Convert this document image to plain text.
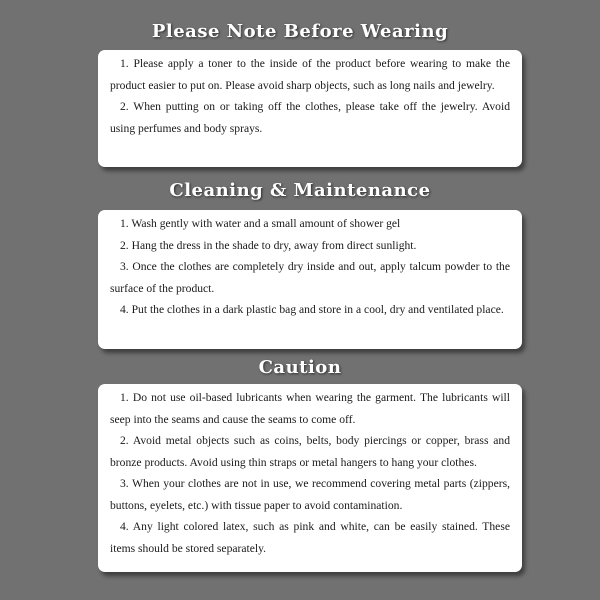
Please Note Before Wearing

1. Please apply a toner to the inside of the product before wearing to make the product easier to put on. Please avoid sharp objects, such as long nails and jewelry.

2. When putting on or taking off the clothes, please take off the jewelry. Avoid using perfumes and body sprays.

Cleaning & Maintenance

1. Wash gently with water and a small amount of shower gel

2. Hang the dress in the shade to dry, away from direct sunlight.

3. Once the clothes are completely dry inside and out, apply talcum powder to the surface of the product.

4. Put the clothes in a dark plastic bag and store in a cool, dry and ventilated place.

Caution

1. Do not use oil-based lubricants when wearing the garment. The lubricants will seep into the seams and cause the seams to come off.

2. Avoid metal objects such as coins, belts, body piercings or copper, brass and bronze products. Avoid using thin straps or metal hangers to hang your clothes.

3. When your clothes are not in use, we recommend covering metal parts (zippers, buttons, eyelets, etc.) with tissue paper to avoid contamination.

4. Any light colored latex, such as pink and white, can be easily stained. These items should be stored separately.
